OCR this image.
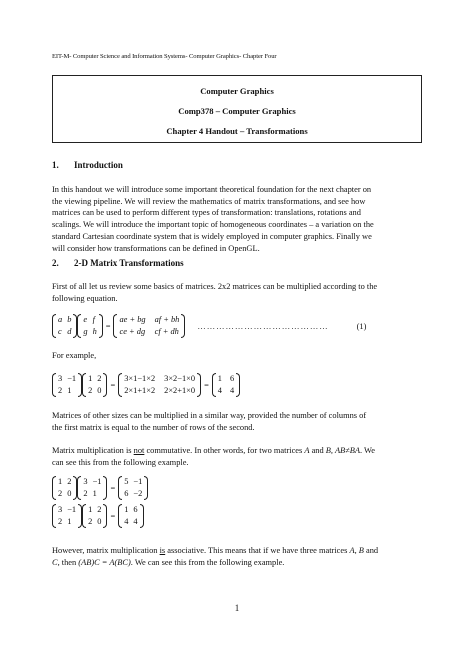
EIT-M- Computer Science and Information Systems- Computer Graphics- Chapter Four
Computer Graphics
Comp378 – Computer Graphics
Chapter 4 Handout – Transformations
1. Introduction
In this handout we will introduce some important theoretical foundation for the next chapter on
the viewing pipeline. We will review the mathematics of matrix transformations, and see how
matrices can be used to perform different types of transformation: translations, rotations and
scalings. We will introduce the important topic of homogeneous coordinates – a variation on the
standard Cartesian coordinate system that is widely employed in computer graphics. Finally we
will consider how transformations can be defined in OpenGL.
2. 2-D Matrix Transformations
First of all let us review some basics of matrices. 2x2 matrices can be multiplied according to the
following equation.
a b
c d
e f
g h
=
ae + bg af + bh
ce + dg cf + dh
……………………………………	(1)
For example,
3 −1
2 1
1 2
2 0
=
3×1−1×2 3×2−1×0
2×1+1×2 2×2+1×0
=
1 6
4 4
Matrices of other sizes can be multiplied in a similar way, provided the number of columns of
the first matrix is equal to the number of rows of the second.
Matrix multiplication is not commutative. In other words, for two matrices A and B, AB≠BA. We
can see this from the following example.
1 2
2 0
3 −1
2 1
=
5 −1
6 −2
3 −1
2 1
1 2
2 0
=
1 6
4 4
However, matrix multiplication is associative. This means that if we have three matrices A, B and
C, then (AB)C = A(BC). We can see this from the following example.
1
